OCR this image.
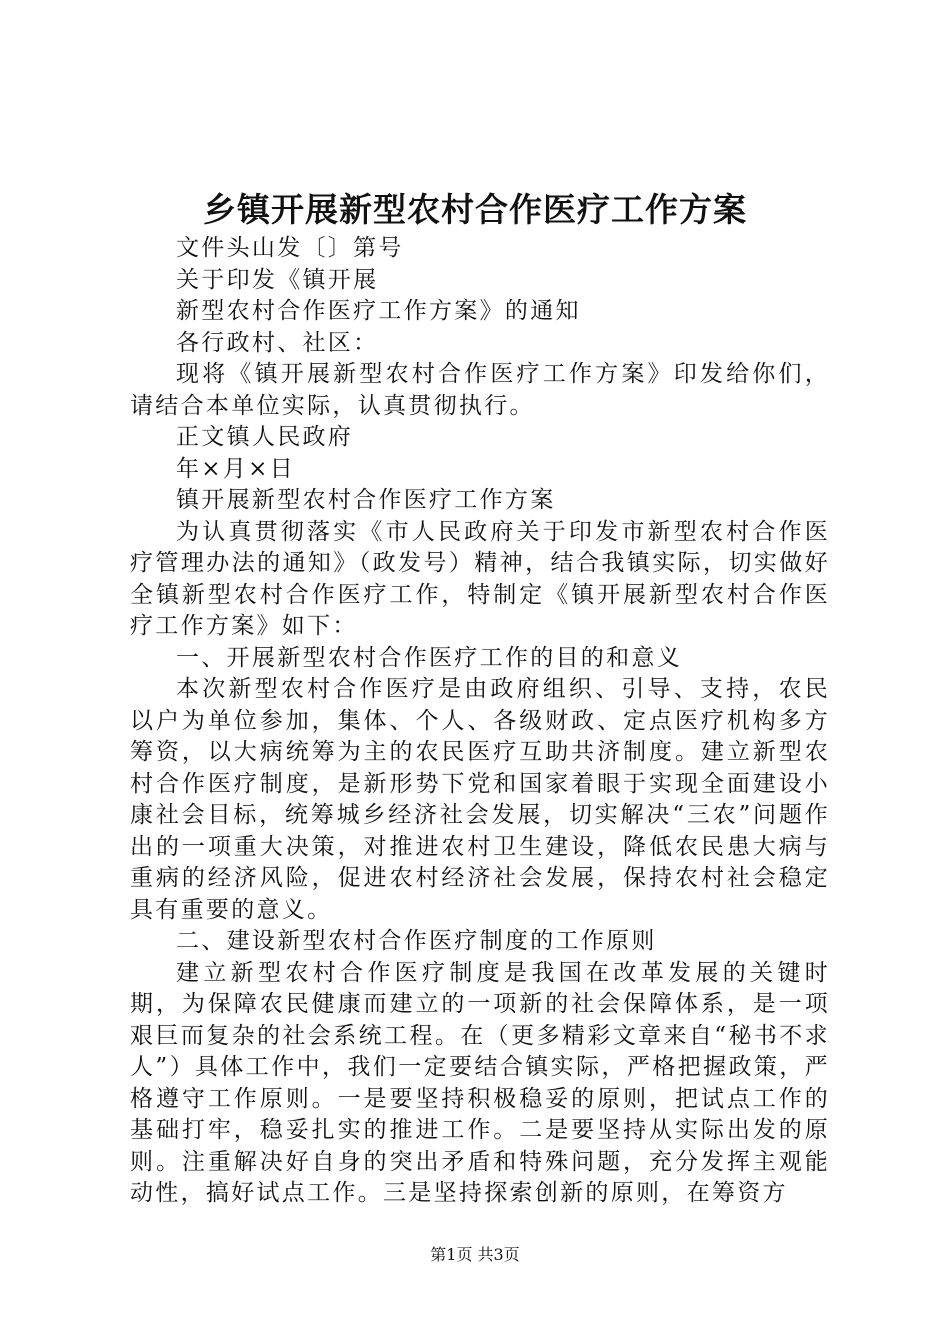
乡镇开展新型农村合作医疗工作方案

文件头山发〔〕第号

关于印发《镇开展

新型农村合作医疗工作方案》的通知

各行政村、社区：

现将《镇开展新型农村合作医疗工作方案》印发给你们，请结合本单位实际，认真贯彻执行。

正文镇人民政府

年×月×日

镇开展新型农村合作医疗工作方案

为认真贯彻落实《市人民政府关于印发市新型农村合作医疗管理办法的通知》（政发号）精神，结合我镇实际，切实做好全镇新型农村合作医疗工作，特制定《镇开展新型农村合作医疗工作方案》如下：

一、开展新型农村合作医疗工作的目的和意义

本次新型农村合作医疗是由政府组织、引导、支持，农民以户为单位参加，集体、个人、各级财政、定点医疗机构多方筹资，以大病统筹为主的农民医疗互助共济制度。建立新型农村合作医疗制度，是新形势下党和国家着眼于实现全面建设小康社会目标，统筹城乡经济社会发展，切实解决“三农”问题作出的一项重大决策，对推进农村卫生建设，降低农民患大病与重病的经济风险，促进农村经济社会发展，保持农村社会稳定具有重要的意义。

二、建设新型农村合作医疗制度的工作原则

建立新型农村合作医疗制度是我国在改革发展的关键时期，为保障农民健康而建立的一项新的社会保障体系，是一项艰巨而复杂的社会系统工程。在（更多精彩文章来自“秘书不求人”）具体工作中，我们一定要结合镇实际，严格把握政策，严格遵守工作原则。一是要坚持积极稳妥的原则，把试点工作的基础打牢，稳妥扎实的推进工作。二是要坚持从实际出发的原则。注重解决好自身的突出矛盾和特殊问题，充分发挥主观能动性，搞好试点工作。三是坚持探索创新的原则，在筹资方

第1页 共3页
